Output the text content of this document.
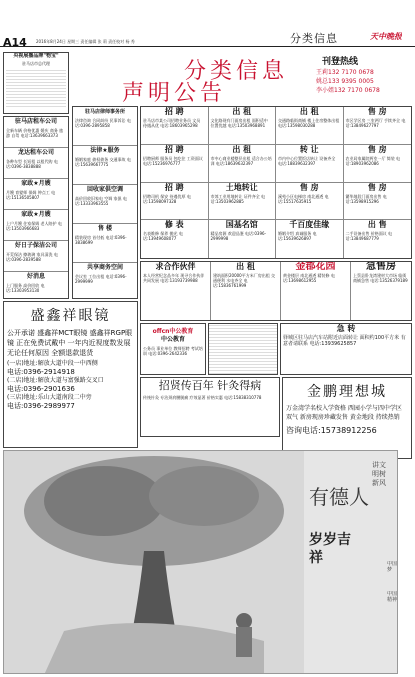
A14 2016年8月24日 星期三 责任编辑 张 莉 责任校对 杨 秀	分类信息	天中晚报
央视展播品牌"物宝"
驻马店市总代理	分类信息
声明公告
刊登热线
王莉132 7170 0678
姚总133 9395 0005
李小姐132 7170 0678
驻马店租车公司
全新车辆 价格优惠 婚庆 商务 旅游 自驾 电话:13639663373
龙达租车公司
各种车型 长短租 以租代购 电话:0396-3838888
家政★月嫂
月嫂 育婴师 保姆 钟点工 电话:15136505807
家政★月嫂
上户月嫂 住家保姆 老人陪护 电话:13503966683
好日子保洁公司
开荒保洁 擦玻璃 家具清洗 电话:0396-2839588
好消息
上门服务 高价回收 电话:13303953130
驻马店律师事务所
法律咨询 合同纠纷 民事诉讼 电话:0396-2895858
法律★服务
婚姻家庭 债权债务 交通事故 电话:15639667775
回收家俱空调
高价回收旧家电 空调 家俱 电话:13333963555
售 楼
精装现房 首付低 电话:0396-3838699
共享商务空间
会议室 工位出租 电话:0396-2999999
招 聘
驻马店市某公司招聘业务员 文员 待遇从优 电话:18603965298
出 租
文化路现有门面房出租 面积适中 位置优越 电话:13503968891
出 租
交通路临街商铺 楼上住房整体出租 电话:13598030288
售 房
市区学区房 三室两厅 手续齐全 电话:13849627797
招 聘
招聘厨师 服务员 包吃住 工资面议 电话:15236976777
出 租
市中心商业楼整层出租 适合办公培训 电话:18639632397
转 让
市内中心位置饭店转让 设备齐全 电话:18839632397
售 房
农业局家属院两室一厅 简装 电话:18903962086
招 聘
招聘司机 保安 待遇优厚 电话:13598097328
土地转让
市郊工业用地转让 证件齐全 电话:13503962885
售 房
溪苑小区电梯房 南北通透 电话:15517635915
售 房
繁华地段门面房出售 电话:13598915296
修 表
名表维修 保养 抛光 电话:13949608077
国基名馆
精品房源 欢迎品鉴 电话:0396-2999998
千百度佳缘
婚姻介绍 真诚服务 电话:15639626897
出 售
二手设备出售 价格面议 电话:13849687779
求合作伙伴
本人经营纪念品多年 现寻合作伙伴 共同发展 电话:13193739988
出 租
建筑面积20000平方米厂房出租 交通便利 水电齐全 电话:15836761999
金郡花园
黄金楼层 南北通透 精装修 电话:13698612955
急售房
上蔡县卧龙湾建材大市场 临街商铺急售 电话:13526379189
offcn中公教育
中公教育
公务员 事业单位 教师招聘 考试培训 电话:0396-2642336
急 转
驿城区驻马店汽车站附近店面转让 面积约100平方米 有意者请联系 电话:13939625857
盛鑫祥眼镜
公开承诺 盛鑫祥MCT眼镜 盛鑫祥RGP眼镜 正在免费试戴中 一年内近视度数发展无论任何原因 全额退款退货
(一店)地址:解放大道中段一中西侧
电话:0396-2914918
(二店)地址:解放大道与富强路交叉口
电话:0396-2901636
(三店)地址:乐山大道南段二中旁
电话:0396-2989977
招贤传百年 针灸得病
传统针灸 专治颈肩腰腿痛 疗效显著 价格实惠 电话:15838310778	金鹏理想城
万金湾学名校入学资格 西园小学与四中学区 双气 新房现房珍藏发售 黄金地段 持续热销
咨询电话:15738912256
有德人
岁岁吉祥
讲文明树新风
中国梦
中国精神
